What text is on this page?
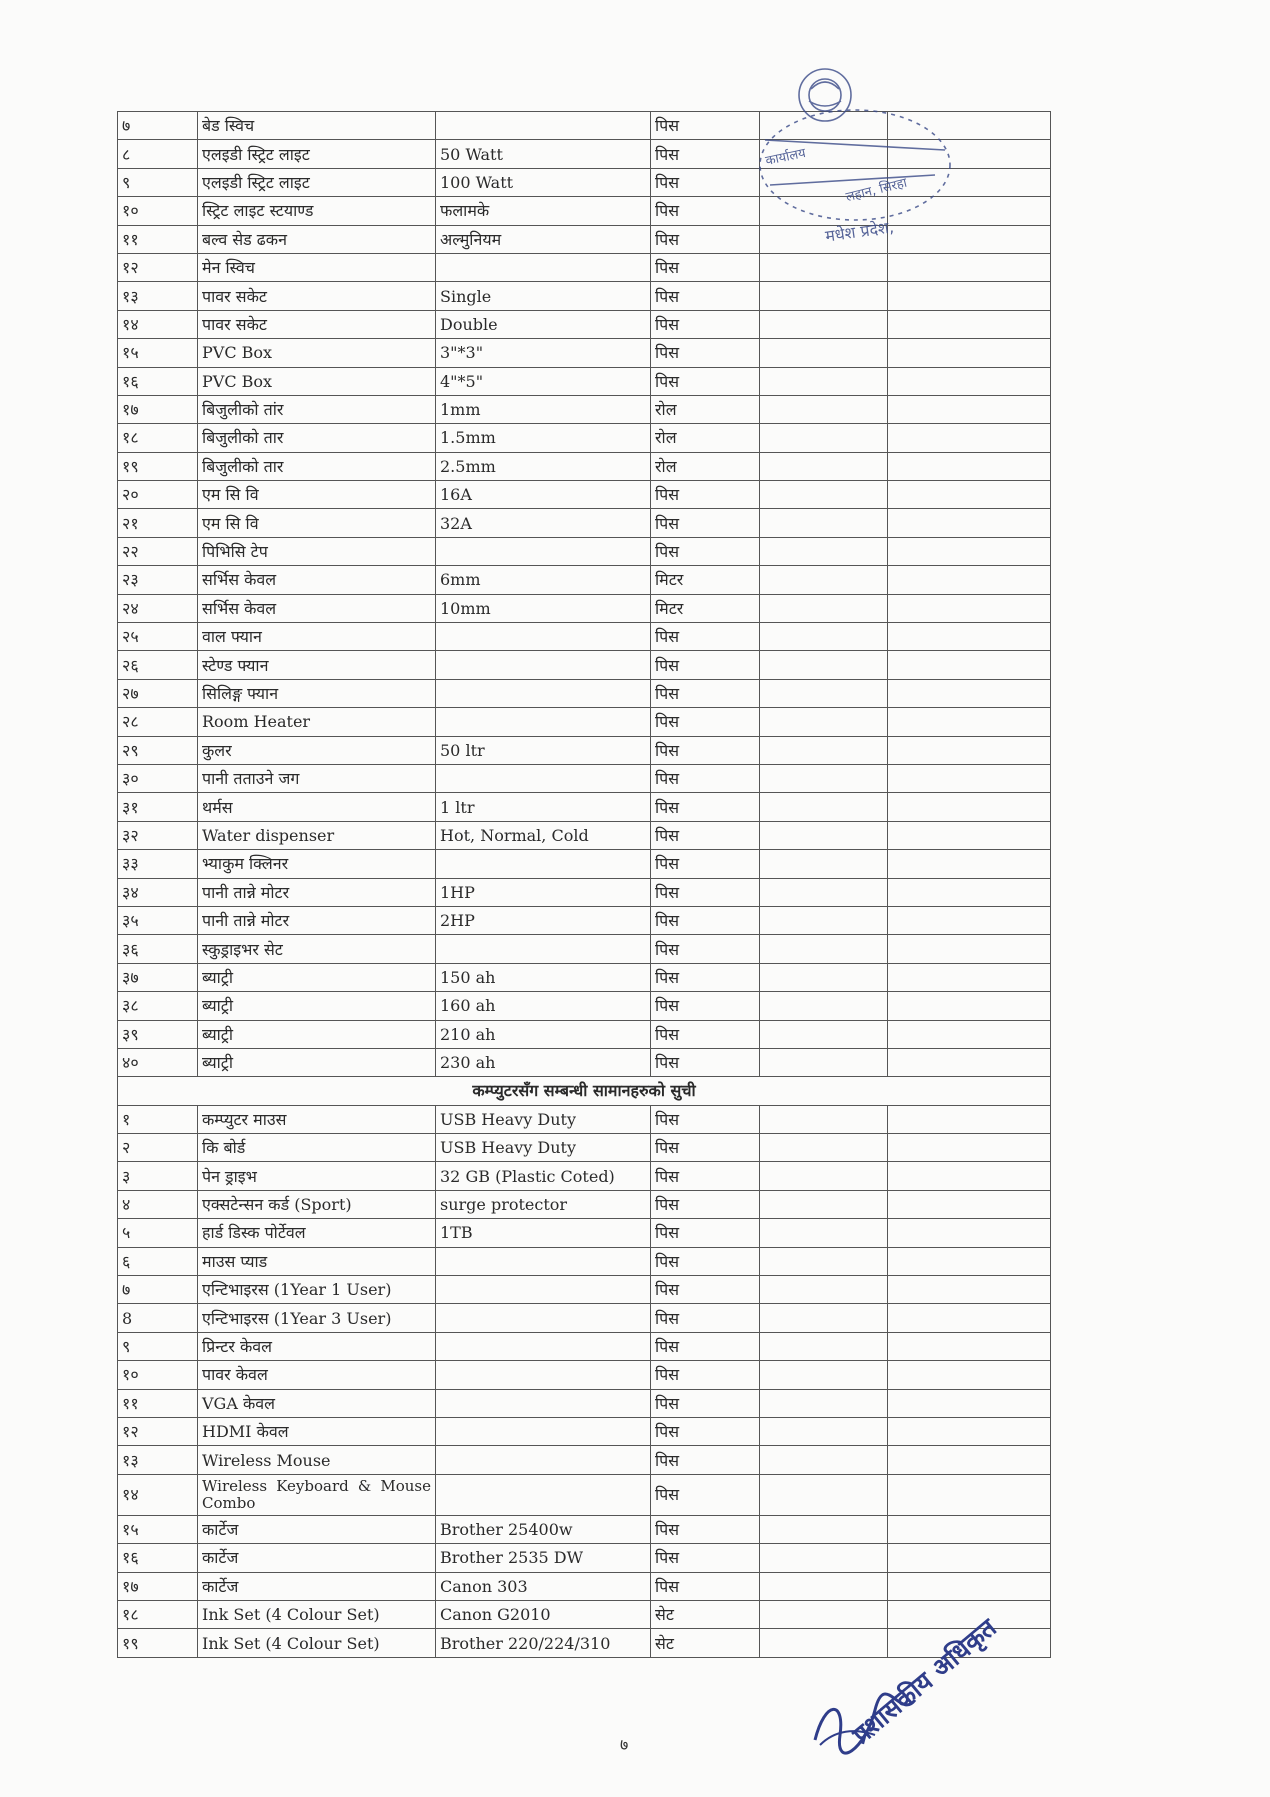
७	बेड स्विच		पिस		
८	एलइडी स्ट्रिट लाइट	50 Watt	पिस		
९	एलइडी स्ट्रिट लाइट	100 Watt	पिस		
१०	स्ट्रिट लाइट स्टयाण्ड	फलामके	पिस		
११	बल्व सेड ढकन	अल्मुनियम	पिस		
१२	मेन स्विच		पिस		
१३	पावर सकेट	Single	पिस		
१४	पावर सकेट	Double	पिस		
१५	PVC Box	3"*3"	पिस		
१६	PVC Box	4"*5"	पिस		
१७	बिजुलीको तांर	1mm	रोल		
१८	बिजुलीको तार	1.5mm	रोल		
१९	बिजुलीको तार	2.5mm	रोल		
२०	एम सि वि	16A	पिस		
२१	एम सि वि	32A	पिस		
२२	पिभिसि टेप		पिस		
२३	सर्भिस केवल	6mm	मिटर		
२४	सर्भिस केवल	10mm	मिटर		
२५	वाल फ्यान		पिस		
२६	स्टेण्ड फ्यान		पिस		
२७	सिलिङ्ग फ्यान		पिस		
२८	Room Heater		पिस		
२९	कुलर	50 ltr	पिस		
३०	पानी तताउने जग		पिस		
३१	थर्मस	1 ltr	पिस		
३२	Water dispenser	Hot, Normal, Cold	पिस		
३३	भ्याकुम क्लिनर		पिस		
३४	पानी तान्ने मोटर	1HP	पिस		
३५	पानी तान्ने मोटर	2HP	पिस		
३६	स्कुड्राइभर सेट		पिस		
३७	ब्याट्री	150 ah	पिस		
३८	ब्याट्री	160 ah	पिस		
३९	ब्याट्री	210 ah	पिस		
४०	ब्याट्री	230 ah	पिस		
कम्प्युटरसँग सम्बन्धी सामानहरुको सुची					
१	कम्प्युटर माउस	USB Heavy Duty	पिस		
२	कि बोर्ड	USB Heavy Duty	पिस		
३	पेन ड्राइभ	32 GB (Plastic Coted)	पिस		
४	एक्सटेन्सन कर्ड (Sport)	surge protector	पिस		
५	हार्ड डिस्क पोर्टेवल	1TB	पिस		
६	माउस प्याड		पिस		
७	एन्टिभाइरस (1Year 1 User)		पिस		
8	एन्टिभाइरस (1Year 3 User)		पिस		
९	प्रिन्टर केवल		पिस		
१०	पावर केवल		पिस		
११	VGA केवल		पिस		
१२	HDMI केवल		पिस		
१३	Wireless Mouse		पिस		
१४	Wireless Keyboard & Mouse Combo		पिस		
१५	कार्टेज	Brother 25400w	पिस		
१६	कार्टेज	Brother 2535 DW	पिस		
१७	कार्टेज	Canon 303	पिस		
१८	Ink Set (4 Colour Set)	Canon G2010	सेट		
१९	Ink Set (4 Colour Set)	Brother 220/224/310	सेट		
कार्यालय
लहान, सिरहा
मधेश प्रदेश,
७	प्रशासकीय अधिकृत
